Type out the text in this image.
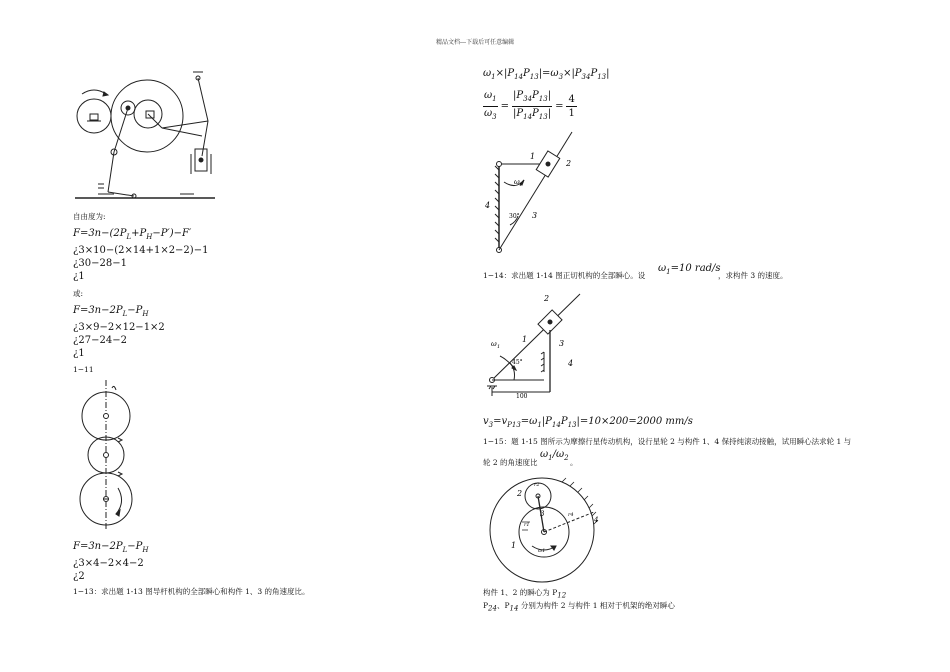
精品文档---下载后可任意编辑
自由度为:
$F=3n-(2P_L+P_H-P')-F'$
¿3×10−(2×14+1×2−2)−1
¿30−28−1
¿1
或:
$F=3n-2P_L-P_H$
¿3×9−2×12−1×2
¿27−24−2
¿1
1−11
$F=3n-2P_L-P_H$
¿3×4−2×4−2
¿2
1−13：求出题 1-13 图导杆机构的全部瞬心和构件 1、3 的角速度比。
$\omega_1\times|P_{14}P_{13}|=\omega_3\times|P_{34}P_{13}|$
$\frac{\omega_1}{\omega_3} = \frac{|P_{34}P_{13}|}{|P_{14}P_{13}|} = \frac{4}{1}$
1
2
3
4
ω 1
30°
1−14：求出题 1-14 图正切机构的全部瞬心。设
$\omega_1=10$ rad/s
，求构件 3 的速度。
1
2
3
4
ω 1
45°
100
$v_3=v_{P13}=\omega_1|P_{14}P_{13}|=10\times 200=2000$ mm/s
1−15：题 1-15 图所示为摩擦行星传动机构，设行星轮 2 与构件 1、4 保持纯滚动接触，试用瞬心法求轮 1 与
轮 2 的角速度比
$\omega_1/\omega_2$ 。
2
3
1
4
r4
r1
r2
ω1
构件 1、2 的瞬心为 $P_{12}$
$P_{24}$、$P_{14}$ 分别为构件 2 与构件 1 相对于机架的绝对瞬心
